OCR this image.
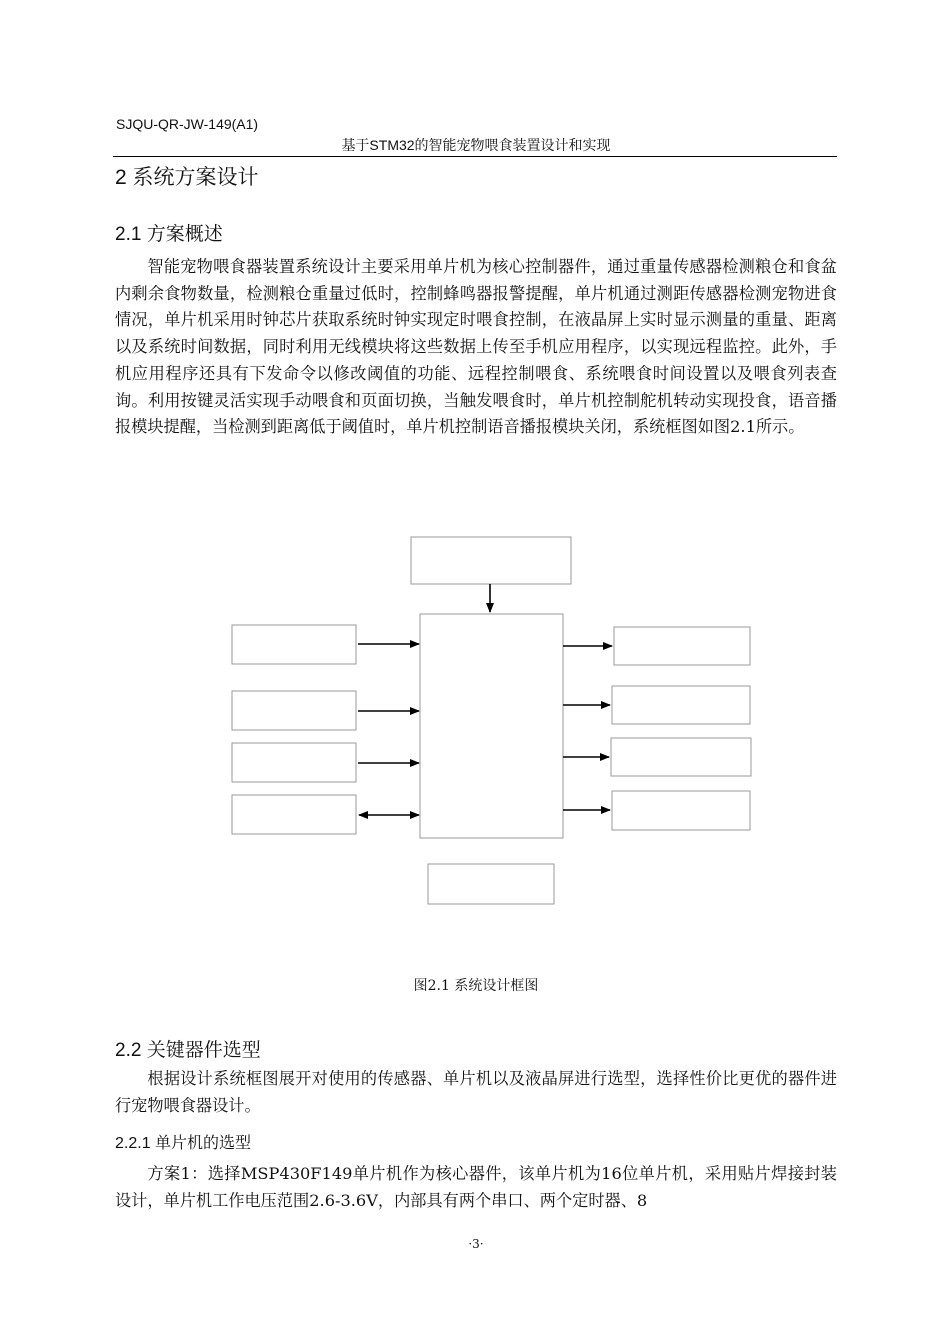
SJQU-QR-JW-149(A1)
基于STM32的智能宠物喂食装置设计和实现
2 系统方案设计
2.1 方案概述
智能宠物喂食器装置系统设计主要采用单片机为核心控制器件，通过重量传感器检测粮仓和食盆内剩余食物数量，检测粮仓重量过低时，控制蜂鸣器报警提醒，单片机通过测距传感器检测宠物进食情况，单片机采用时钟芯片获取系统时钟实现定时喂食控制，在液晶屏上实时显示测量的重量、距离以及系统时间数据，同时利用无线模块将这些数据上传至手机应用程序，以实现远程监控。此外，手机应用程序还具有下发命令以修改阈值的功能、远程控制喂食、系统喂食时间设置以及喂食列表查询。利用按键灵活实现手动喂食和页面切换，当触发喂食时，单片机控制舵机转动实现投食，语音播报模块提醒，当检测到距离低于阈值时，单片机控制语音播报模块关闭，系统框图如图2.1所示。
图2.1 系统设计框图
2.2 关键器件选型
根据设计系统框图展开对使用的传感器、单片机以及液晶屏进行选型，选择性价比更优的器件进行宠物喂食器设计。
2.2.1 单片机的选型
方案1：选择MSP430F149单片机作为核心器件，该单片机为16位单片机，采用贴片焊接封装设计，单片机工作电压范围2.6-3.6V，内部具有两个串口、两个定时器、8
·3·
